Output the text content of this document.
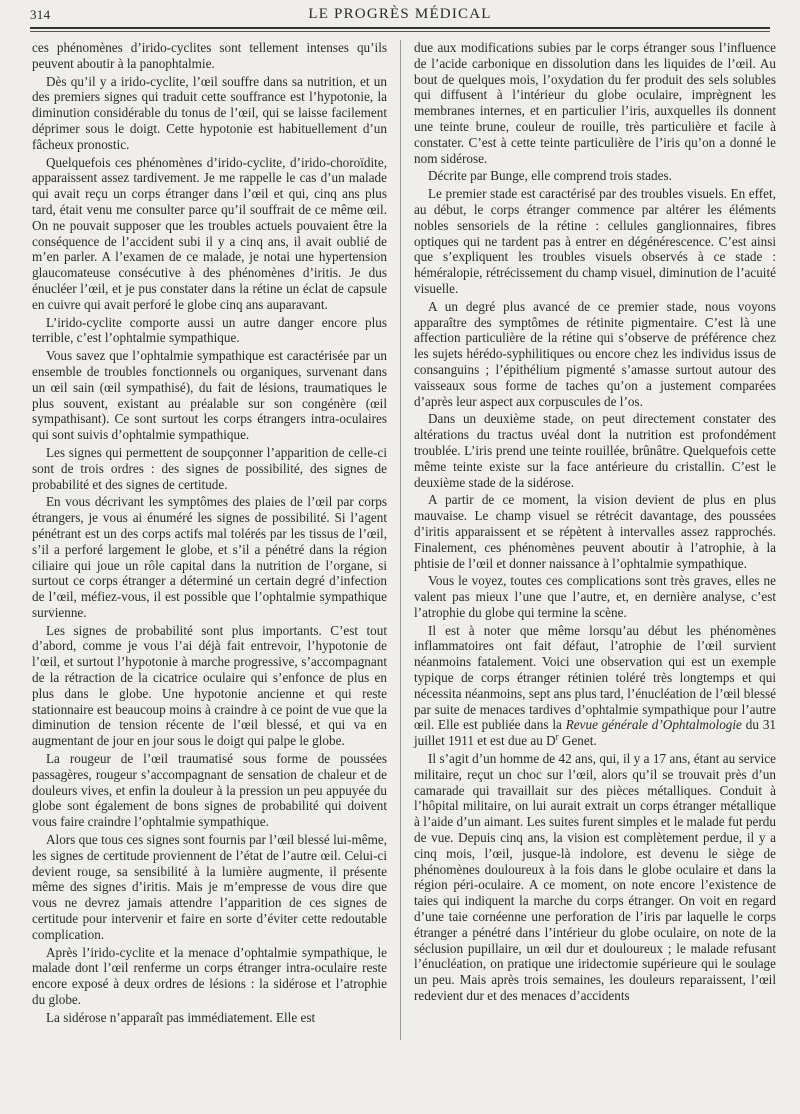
314	LE PROGRÈS MÉDICAL

ces phénomènes d’irido-cyclites sont tellement intenses qu’ils peuvent aboutir à la panophtalmie.

Dès qu’il y a irido-cyclite, l’œil souffre dans sa nutrition, et un des premiers signes qui traduit cette souffrance est l’hypotonie, la diminution considérable du tonus de l’œil, qui se laisse facilement déprimer sous le doigt. Cette hypotonie est habituellement d’un fâcheux pronostic.

Quelquefois ces phénomènes d’irido-cyclite, d’irido-choroïdite, apparaissent assez tardivement. Je me rappelle le cas d’un malade qui avait reçu un corps étranger dans l’œil et qui, cinq ans plus tard, était venu me consulter parce qu’il souffrait de ce même œil. On ne pouvait supposer que les troubles actuels pouvaient être la conséquence de l’accident subi il y a cinq ans, il avait oublié de m’en parler. A l’examen de ce malade, je notai une hypertension glaucomateuse consécutive à des phénomènes d’iritis. Je dus énucléer l’œil, et je pus constater dans la rétine un éclat de capsule en cuivre qui avait perforé le globe cinq ans auparavant.

L’irido-cyclite comporte aussi un autre danger encore plus terrible, c’est l’ophtalmie sympathique.

Vous savez que l’ophtalmie sympathique est caractérisée par un ensemble de troubles fonctionnels ou organiques, survenant dans un œil sain (œil sympathisé), du fait de lésions, traumatiques le plus souvent, existant au préalable sur son congénère (œil sympathisant). Ce sont surtout les corps étrangers intra-oculaires qui sont suivis d’ophtalmie sympathique.

Les signes qui permettent de soupçonner l’apparition de celle-ci sont de trois ordres : des signes de possibilité, des signes de probabilité et des signes de certitude.

En vous décrivant les symptômes des plaies de l’œil par corps étrangers, je vous ai énuméré les signes de possibilité. Si l’agent pénétrant est un des corps actifs mal tolérés par les tissus de l’œil, s’il a perforé largement le globe, et s’il a pénétré dans la région ciliaire qui joue un rôle capital dans la nutrition de l’organe, si surtout ce corps étranger a déterminé un certain degré d’infection de l’œil, méfiez-vous, il est possible que l’ophtalmie sympathique survienne.

Les signes de probabilité sont plus importants. C’est tout d’abord, comme je vous l’ai déjà fait entrevoir, l’hypotonie de l’œil, et surtout l’hypotonie à marche progressive, s’accompagnant de la rétraction de la cicatrice oculaire qui s’enfonce de plus en plus dans le globe. Une hypotonie ancienne et qui reste stationnaire est beaucoup moins à craindre à ce point de vue que la diminution de tension récente de l’œil blessé, et qui va en augmentant de jour en jour sous le doigt qui palpe le globe.

La rougeur de l’œil traumatisé sous forme de poussées passagères, rougeur s’accompagnant de sensation de chaleur et de douleurs vives, et enfin la douleur à la pression un peu appuyée du globe sont également de bons signes de probabilité qui doivent vous faire craindre l’ophtalmie sympathique.

Alors que tous ces signes sont fournis par l’œil blessé lui-même, les signes de certitude proviennent de l’état de l’autre œil. Celui-ci devient rouge, sa sensibilité à la lumière augmente, il présente même des signes d’iritis. Mais je m’empresse de vous dire que vous ne devrez jamais attendre l’apparition de ces signes de certitude pour intervenir et faire en sorte d’éviter cette redoutable complication.

Après l’irido-cyclite et la menace d’ophtalmie sympathique, le malade dont l’œil renferme un corps étranger intra-oculaire reste encore exposé à deux ordres de lésions : la sidérose et l’atrophie du globe.

La sidérose n’apparaît pas immédiatement. Elle est

due aux modifications subies par le corps étranger sous l’influence de l’acide carbonique en dissolution dans les liquides de l’œil. Au bout de quelques mois, l’oxydation du fer produit des sels solubles qui diffusent à l’intérieur du globe oculaire, imprègnent les membranes internes, et en particulier l’iris, auxquelles ils donnent une teinte brune, couleur de rouille, très particulière et facile à constater. C’est à cette teinte particulière de l’iris qu’on a donné le nom sidérose.

Décrite par Bunge, elle comprend trois stades.

Le premier stade est caractérisé par des troubles visuels. En effet, au début, le corps étranger commence par altérer les éléments nobles sensoriels de la rétine : cellules ganglionnaires, fibres optiques qui ne tardent pas à entrer en dégénérescence. C’est ainsi que s’expliquent les troubles visuels observés à ce stade : héméralopie, rétrécissement du champ visuel, diminution de l’acuité visuelle.

A un degré plus avancé de ce premier stade, nous voyons apparaître des symptômes de rétinite pigmentaire. C’est là une affection particulière de la rétine qui s’observe de préférence chez les sujets hérédo-syphilitiques ou encore chez les individus issus de consanguins ; l’épithélium pigmenté s’amasse surtout autour des vaisseaux sous forme de taches qu’on a justement comparées d’après leur aspect aux corpuscules de l’os.

Dans un deuxième stade, on peut directement constater des altérations du tractus uvéal dont la nutrition est profondément troublée. L’iris prend une teinte rouillée, brûnâtre. Quelquefois cette même teinte existe sur la face antérieure du cristallin. C’est le deuxième stade de la sidérose.

A partir de ce moment, la vision devient de plus en plus mauvaise. Le champ visuel se rétrécit davantage, des poussées d’iritis apparaissent et se répètent à intervalles assez rapprochés. Finalement, ces phénomènes peuvent aboutir à l’atrophie, à la phtisie de l’œil et donner naissance à l’ophtalmie sympathique.

Vous le voyez, toutes ces complications sont très graves, elles ne valent pas mieux l’une que l’autre, et, en dernière analyse, c’est l’atrophie du globe qui termine la scène.

Il est à noter que même lorsqu’au début les phénomènes inflammatoires ont fait défaut, l’atrophie de l’œil survient néanmoins fatalement. Voici une observation qui est un exemple typique de corps étranger rétinien toléré très longtemps et qui nécessita néanmoins, sept ans plus tard, l’énucléation de l’œil blessé par suite de menaces tardives d’ophtalmie sympathique pour l’autre œil. Elle est publiée dans la Revue générale d’Ophtalmologie du 31 juillet 1911 et est due au $D^r$ Genet.

Il s’agit d’un homme de 42 ans, qui, il y a 17 ans, étant au service militaire, reçut un choc sur l’œil, alors qu’il se trouvait près d’un camarade qui travaillait sur des pièces métalliques. Conduit à l’hôpital militaire, on lui aurait extrait un corps étranger métallique à l’aide d’un aimant. Les suites furent simples et le malade fut perdu de vue. Depuis cinq ans, la vision est complètement perdue, il y a cinq mois, l’œil, jusque-là indolore, est devenu le siège de phénomènes douloureux à la fois dans le globe oculaire et dans la région péri-oculaire. A ce moment, on note encore l’existence de taies qui indiquent la marche du corps étranger. On voit en regard d’une taie cornéenne une perforation de l’iris par laquelle le corps étranger a pénétré dans l’intérieur du globe oculaire, on note de la séclusion pupillaire, un œil dur et douloureux ; le malade refusant l’énucléation, on pratique une iridectomie supérieure qui le soulage un peu. Mais après trois semaines, les douleurs reparaissent, l’œil redevient dur et des menaces d’accidents
